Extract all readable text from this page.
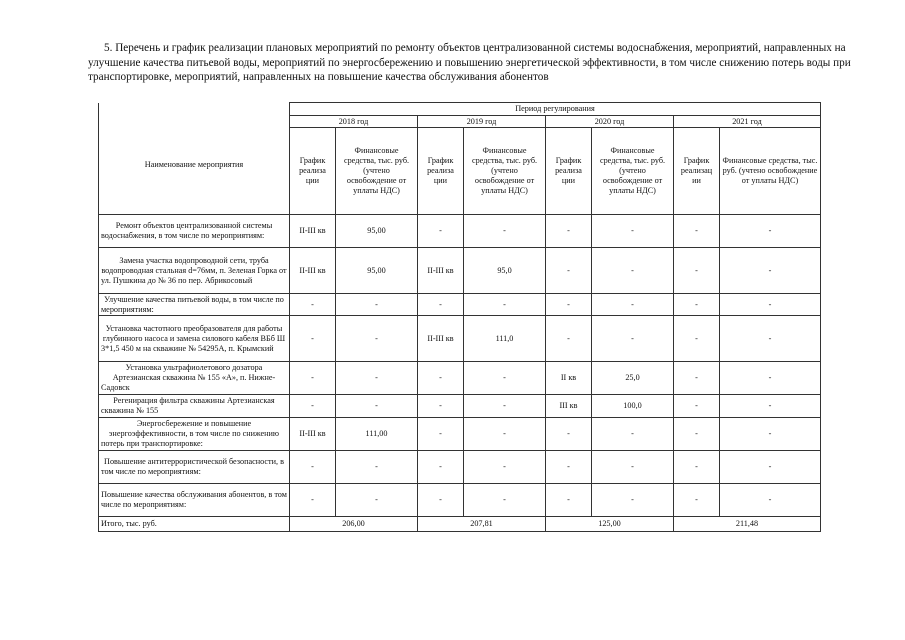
5. Перечень и график реализации плановых мероприятий по ремонту объектов централизованной системы водоснабжения, мероприятий, направленных на улучшение качества питьевой воды, мероприятий по энергосбережению и повышению энергетической эффективности, в том числе снижению потерь воды при транспортировке, мероприятий, направленных на повышение качества обслуживания абонентов
	Период регулирования							
Наименование мероприятия	2018 год		2019 год		2020 год		2021 год	
	График реализа ции	Финансовые средства, тыс. руб. (учтено освобождение от уплаты НДС)	График реализа ции	Финансовые средства, тыс. руб. (учтено освобождение от уплаты НДС)	График реализа ции	Финансовые средства, тыс. руб. (учтено освобождение от уплаты НДС)	График реализац ии	Финансовые средства, тыс. руб. (учтено освобождение от уплаты НДС)
Ремонт объектов централизованной системы водоснабжения, в том числе по мероприятиям:	II-III кв	95,00	-	-	-	-	-	-
Замена участка водопроводной сети, труба водопроводная стальная d=76мм, п. Зеленая Горка от ул. Пушкина до № 36 по пер. Абрикосовый	II-III кв	95,00	II-III кв	95,0	-	-	-	-
Улучшение качества питьевой воды, в том числе по мероприятиям:	-	-	-	-	-	-	-	-
Установка частотного преобразователя для работы глубинного насоса и замена силового кабеля ВБб Ш 3*1,5 450 м на скважине № 54295А, п. Крымский	-	-	II-III кв	111,0	-	-	-	-
Установка ультрафиолетового дозатора Артезианская скважина № 155 «А», п. Нижне-Садовск	-	-	-	-	II кв	25,0	-	-
Регенирация фильтра скважины Артезианская скважина № 155	-	-	-	-	III кв	100,0	-	-
Энергосбережение и повышение энергоэффективности, в том числе по снижению потерь при транспортировке:	II-III кв	111,00	-	-	-	-	-	-
Повышение антитеррористической безопасности, в том числе по мероприятиям:	-	-	-	-	-	-	-	-
Повышение качества обслуживания абонентов, в том числе по мероприятиям:	-	-	-	-	-	-	-	-
Итого, тыс. руб.	206,00		207,81		125,00		211,48	
